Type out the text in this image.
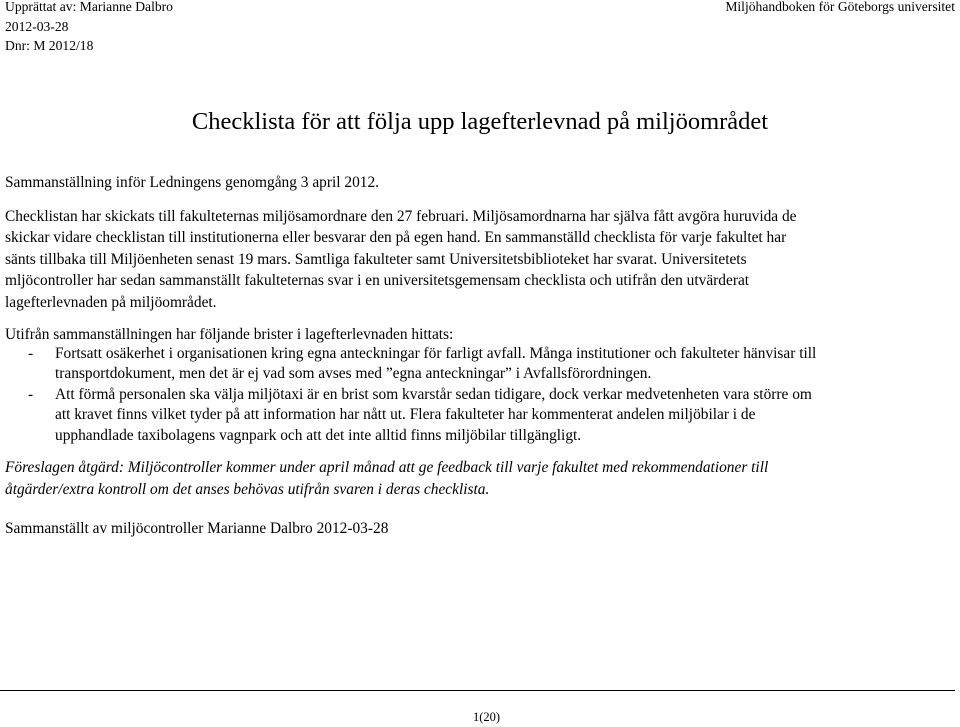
Upprättat av: Marianne Dalbro
2012-03-28
Dnr: M 2012/18
Miljöhandboken för Göteborgs universitet
Checklista för att följa upp lagefterlevnad på miljöområdet
Sammanställning inför Ledningens genomgång 3 april 2012.
Checklistan har skickats till fakulteternas miljösamordnare den 27 februari. Miljösamordnarna har själva fått avgöra huruvida de
skickar vidare checklistan till institutionerna eller besvarar den på egen hand. En sammanställd checklista för varje fakultet har
sänts tillbaka till Miljöenheten senast 19 mars. Samtliga fakulteter samt Universitetsbiblioteket har svarat. Universitetets
mljöcontroller har sedan sammanställt fakulteternas svar i en universitetsgemensam checklista och utifrån den utvärderat
lagefterlevnaden på miljöområdet.
Utifrån sammanställningen har följande brister i lagefterlevnaden hittats:
- Fortsatt osäkerhet i organisationen kring egna anteckningar för farligt avfall. Många institutioner och fakulteter hänvisar till
transportdokument, men det är ej vad som avses med ”egna anteckningar” i Avfallsförordningen.
- Att förmå personalen ska välja miljötaxi är en brist som kvarstår sedan tidigare, dock verkar medvetenheten vara större om
att kravet finns vilket tyder på att information har nått ut. Flera fakulteter har kommenterat andelen miljöbilar i de
upphandlade taxibolagens vagnpark och att det inte alltid finns miljöbilar tillgängligt.
Föreslagen åtgärd: Miljöcontroller kommer under april månad att ge feedback till varje fakultet med rekommendationer till
åtgärder/extra kontroll om det anses behövas utifrån svaren i deras checklista.
Sammanställt av miljöcontroller Marianne Dalbro 2012-03-28
1(20)
